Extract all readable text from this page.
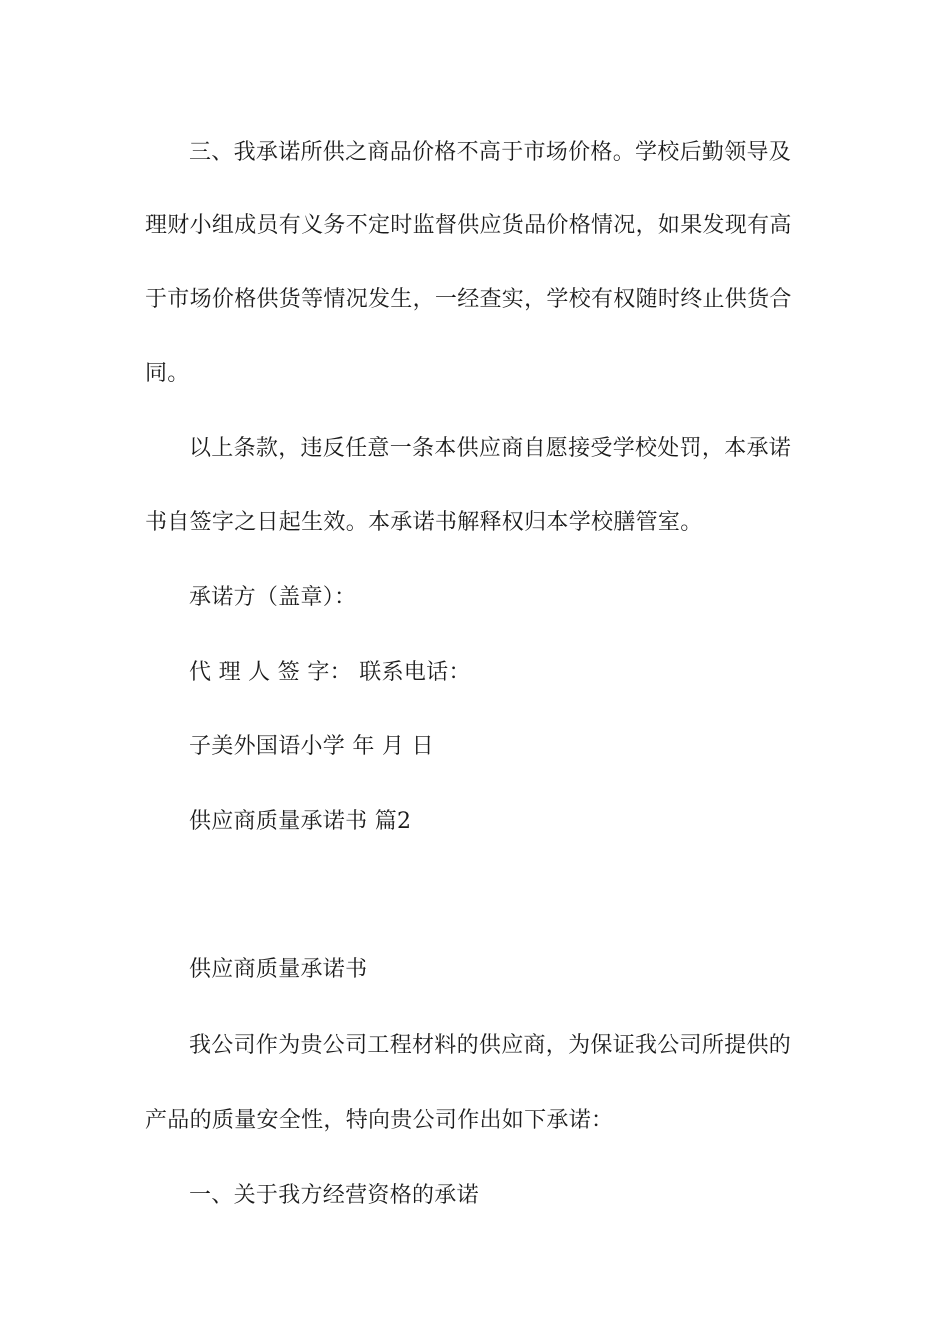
三、我承诺所供之商品价格不高于市场价格。学校后勤领导及
理财小组成员有义务不定时监督供应货品价格情况，如果发现有高
于市场价格供货等情况发生，一经查实，学校有权随时终止供货合
同。
以上条款，违反任意一条本供应商自愿接受学校处罚，本承诺
书自签字之日起生效。本承诺书解释权归本学校膳管室。
承诺方（盖章）：
代 理 人 签 字： 联系电话：
子美外国语小学 年 月 日
供应商质量承诺书 篇2
供应商质量承诺书
我公司作为贵公司工程材料的供应商，为保证我公司所提供的
产品的质量安全性，特向贵公司作出如下承诺：
一、关于我方经营资格的承诺
